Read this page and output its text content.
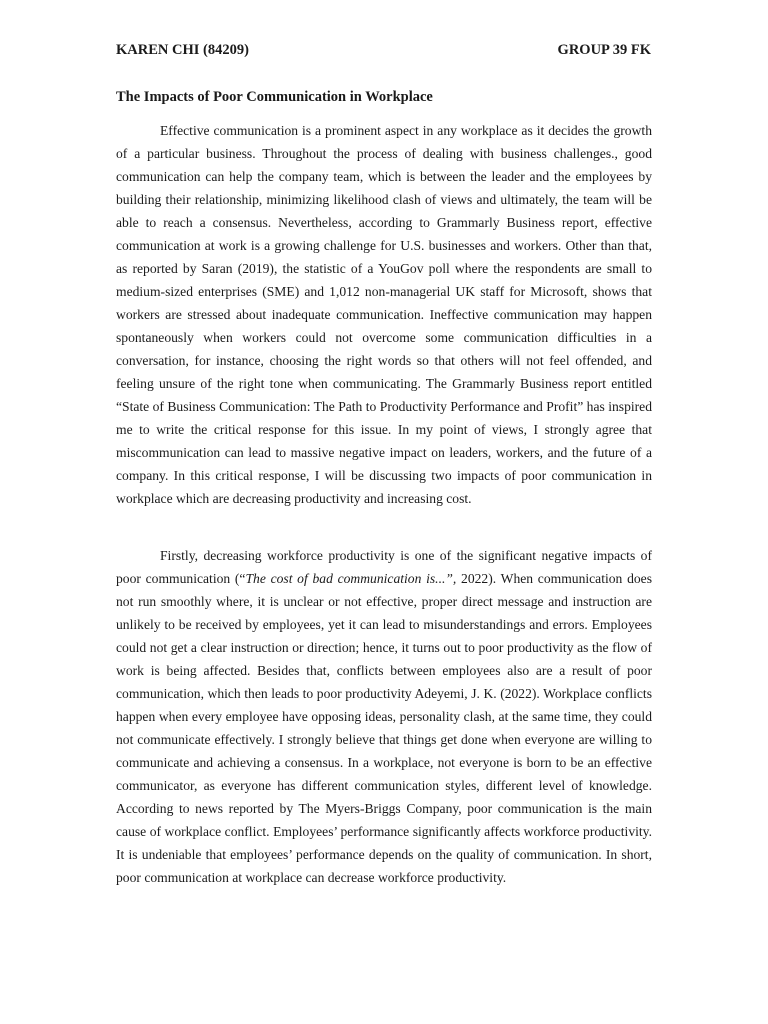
KAREN CHI (84209)	GROUP 39 FK
The Impacts of Poor Communication in Workplace

Effective communication is a prominent aspect in any workplace as it decides the growth of a particular business. Throughout the process of dealing with business challenges., good communication can help the company team, which is between the leader and the employees by building their relationship, minimizing likelihood clash of views and ultimately, the team will be able to reach a consensus. Nevertheless, according to Grammarly Business report, effective communication at work is a growing challenge for U.S. businesses and workers. Other than that, as reported by Saran (2019), the statistic of a YouGov poll where the respondents are small to medium-sized enterprises (SME) and 1,012 non-managerial UK staff for Microsoft, shows that workers are stressed about inadequate communication. Ineffective communication may happen spontaneously when workers could not overcome some communication difficulties in a conversation, for instance, choosing the right words so that others will not feel offended, and feeling unsure of the right tone when communicating. The Grammarly Business report entitled “State of Business Communication: The Path to Productivity Performance and Profit” has inspired me to write the critical response for this issue. In my point of views, I strongly agree that miscommunication can lead to massive negative impact on leaders, workers, and the future of a company. In this critical response, I will be discussing two impacts of poor communication in workplace which are decreasing productivity and increasing cost.

Firstly, decreasing workforce productivity is one of the significant negative impacts of poor communication (“The cost of bad communication is...”, 2022). When communication does not run smoothly where, it is unclear or not effective, proper direct message and instruction are unlikely to be received by employees, yet it can lead to misunderstandings and errors. Employees could not get a clear instruction or direction; hence, it turns out to poor productivity as the flow of work is being affected. Besides that, conflicts between employees also are a result of poor communication, which then leads to poor productivity Adeyemi, J. K. (2022). Workplace conflicts happen when every employee have opposing ideas, personality clash, at the same time, they could not communicate effectively. I strongly believe that things get done when everyone are willing to communicate and achieving a consensus. In a workplace, not everyone is born to be an effective communicator, as everyone has different communication styles, different level of knowledge. According to news reported by The Myers-Briggs Company, poor communication is the main cause of workplace conflict. Employees’ performance significantly affects workforce productivity. It is undeniable that employees’ performance depends on the quality of communication. In short, poor communication at workplace can decrease workforce productivity.
